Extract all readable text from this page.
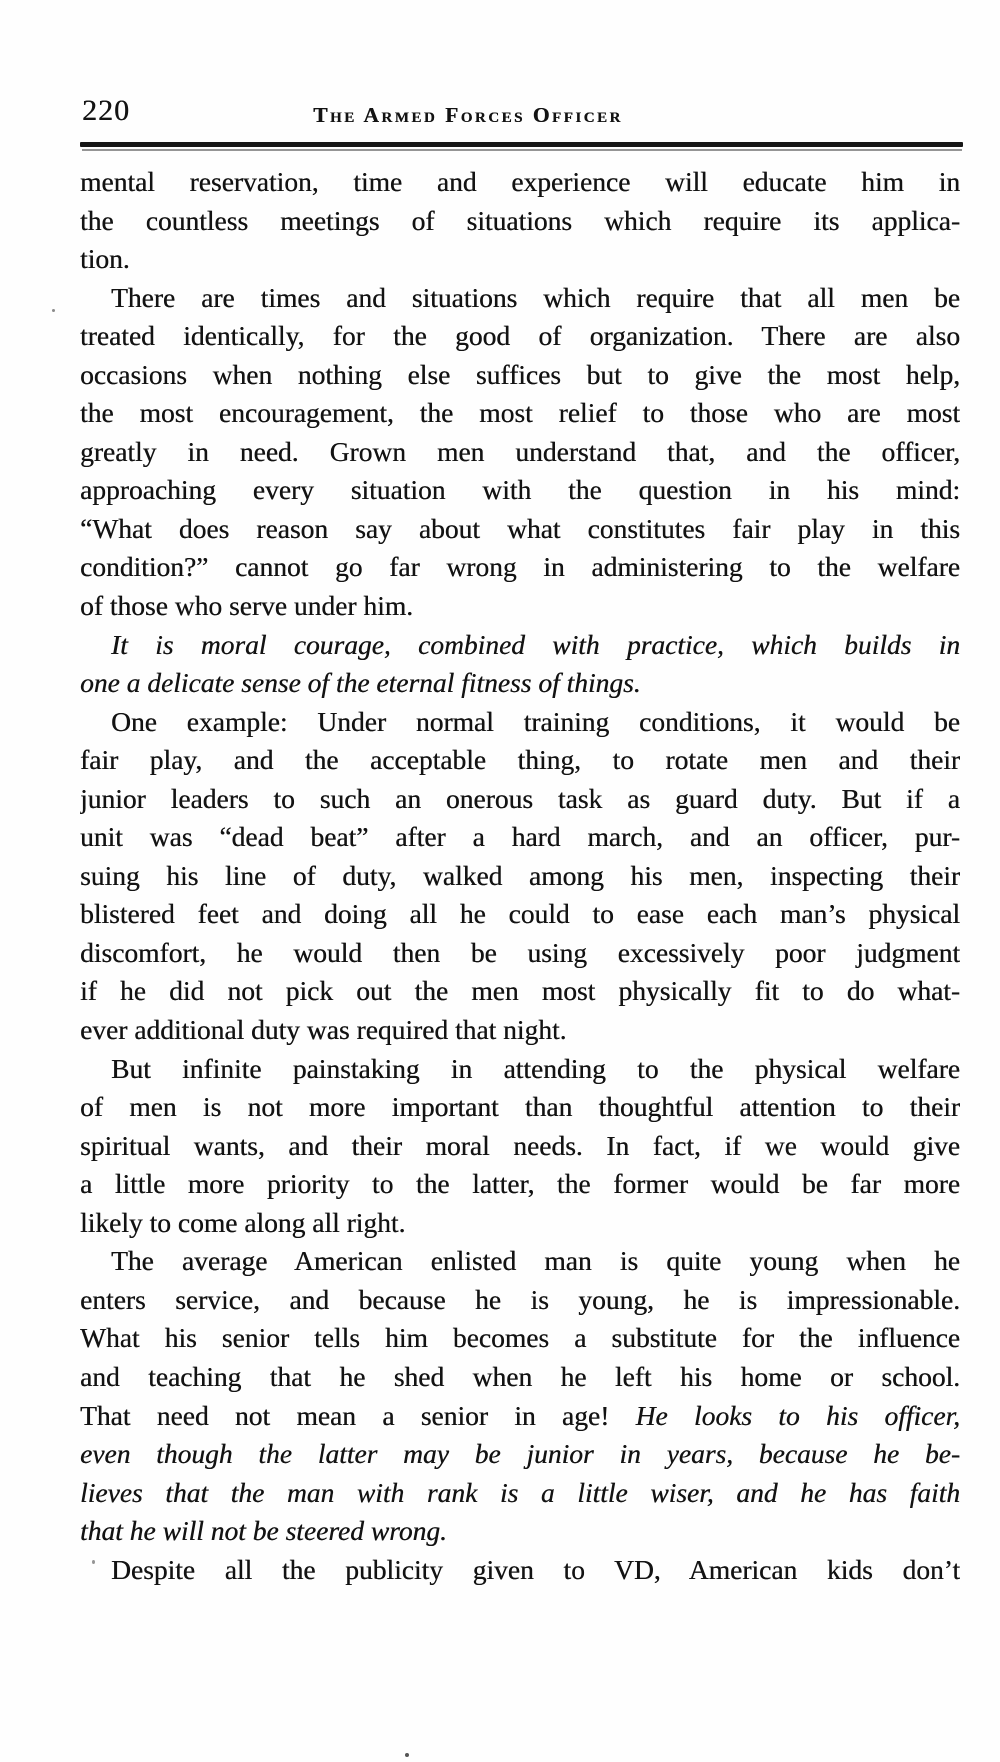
220	The Armed Forces Officer
mental reservation, time and experience will educate him in
the countless meetings of situations which require its applica-
tion.
There are times and situations which require that all men be
treated identically, for the good of organization. There are also
occasions when nothing else suffices but to give the most help,
the most encouragement, the most relief to those who are most
greatly in need. Grown men understand that, and the officer,
approaching every situation with the question in his mind:
“What does reason say about what constitutes fair play in this
condition?” cannot go far wrong in administering to the welfare
of those who serve under him.
It is moral courage, combined with practice, which builds in
one a delicate sense of the eternal fitness of things.
One example: Under normal training conditions, it would be
fair play, and the acceptable thing, to rotate men and their
junior leaders to such an onerous task as guard duty. But if a
unit was “dead beat” after a hard march, and an officer, pur-
suing his line of duty, walked among his men, inspecting their
blistered feet and doing all he could to ease each man’s physical
discomfort, he would then be using excessively poor judgment
if he did not pick out the men most physically fit to do what-
ever additional duty was required that night.
But infinite painstaking in attending to the physical welfare
of men is not more important than thoughtful attention to their
spiritual wants, and their moral needs. In fact, if we would give
a little more priority to the latter, the former would be far more
likely to come along all right.
The average American enlisted man is quite young when he
enters service, and because he is young, he is impressionable.
What his senior tells him becomes a substitute for the influence
and teaching that he shed when he left his home or school.
That need not mean a senior in age! He looks to his officer,
even though the latter may be junior in years, because he be-
lieves that the man with rank is a little wiser, and he has faith
that he will not be steered wrong.
Despite all the publicity given to VD, American kids don’t
